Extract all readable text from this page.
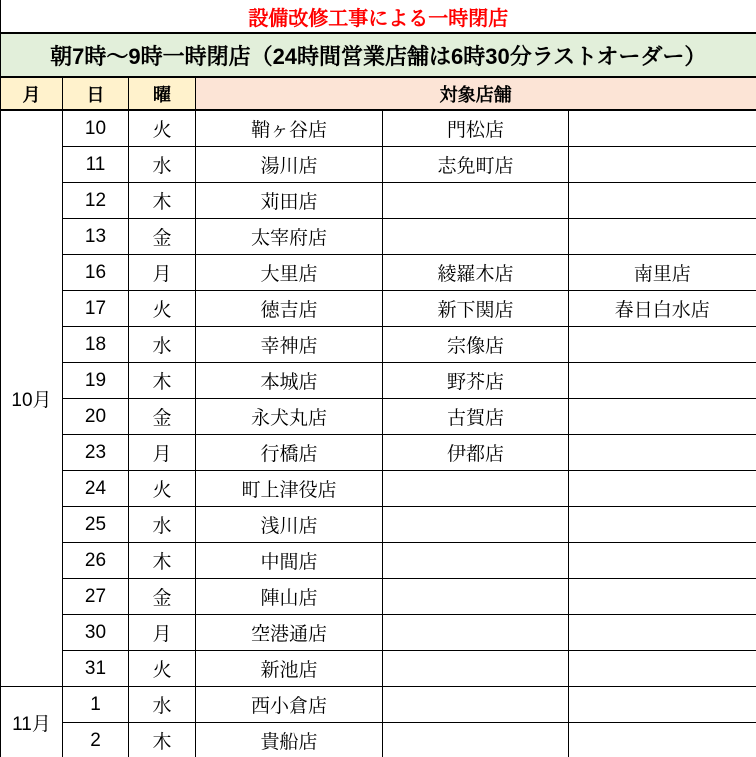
設備改修工事による一時閉店					
朝7時〜9時一時閉店（24時間営業店舗は6時30分ラストオーダー）					
月	日	曜	対象店舗		
10月	10	火	鞘ヶ谷店	門松店	
	11	水	湯川店	志免町店	
	12	木	苅田店		
	13	金	太宰府店		
	16	月	大里店	綾羅木店	南里店
	17	火	徳吉店	新下関店	春日白水店
	18	水	幸神店	宗像店	
	19	木	本城店	野芥店	
	20	金	永犬丸店	古賀店	
	23	月	行橋店	伊都店	
	24	火	町上津役店		
	25	水	浅川店		
	26	木	中間店		
	27	金	陣山店		
	30	月	空港通店		
	31	火	新池店		
11月	1	水	西小倉店		
	2	木	貴船店		
